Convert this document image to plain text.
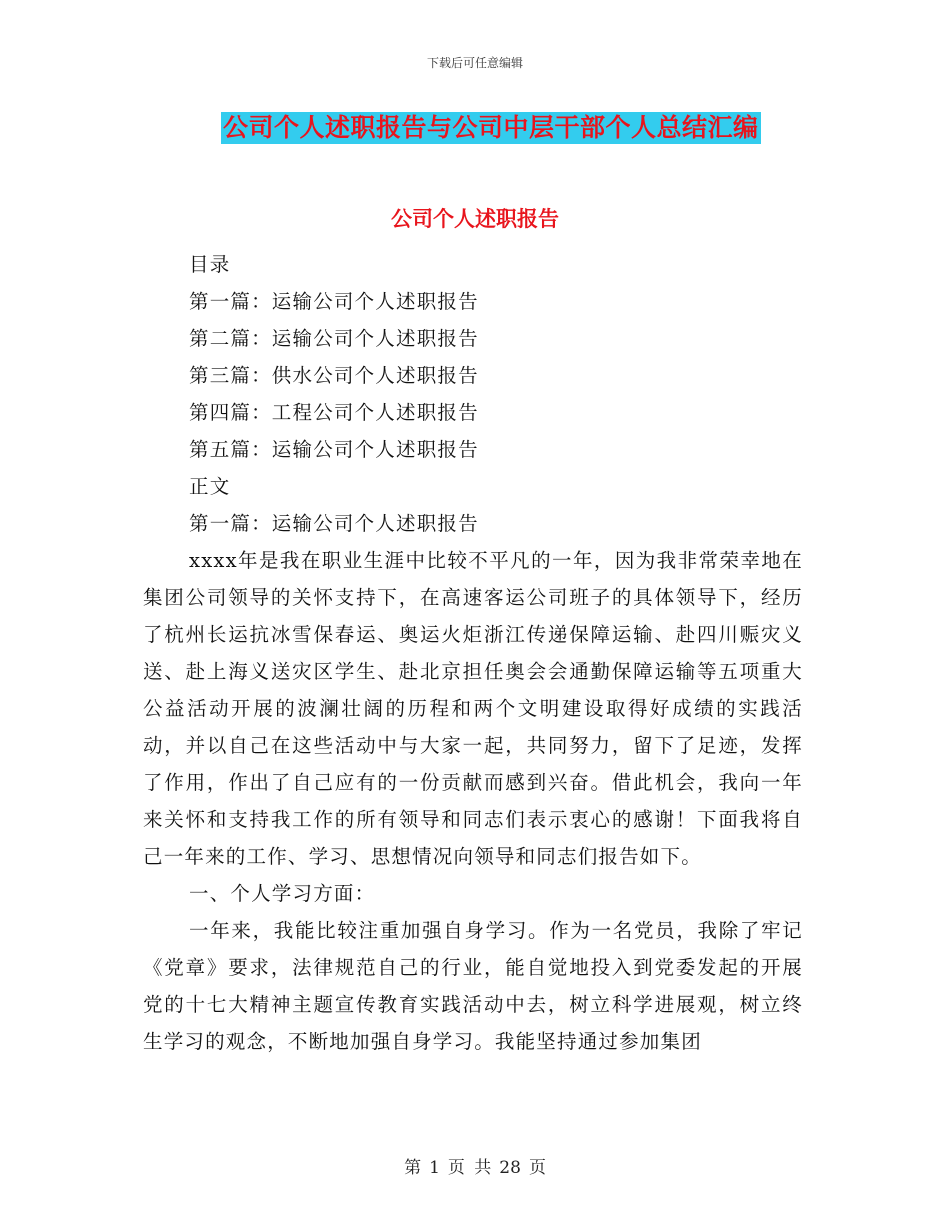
下载后可任意编辑
公司个人述职报告与公司中层干部个人总结汇编
公司个人述职报告

目录

第一篇：运输公司个人述职报告

第二篇：运输公司个人述职报告

第三篇：供水公司个人述职报告

第四篇：工程公司个人述职报告

第五篇：运输公司个人述职报告

正文

第一篇：运输公司个人述职报告

xxxx年是我在职业生涯中比较不平凡的一年，因为我非常荣幸地在集团公司领导的关怀支持下，在高速客运公司班子的具体领导下，经历了杭州长运抗冰雪保春运、奥运火炬浙江传递保障运输、赴四川赈灾义送、赴上海义送灾区学生、赴北京担任奥会会通勤保障运输等五项重大公益活动开展的波澜壮阔的历程和两个文明建设取得好成绩的实践活动，并以自己在这些活动中与大家一起，共同努力，留下了足迹，发挥了作用，作出了自己应有的一份贡献而感到兴奋。借此机会，我向一年来关怀和支持我工作的所有领导和同志们表示衷心的感谢！下面我将自己一年来的工作、学习、思想情况向领导和同志们报告如下。

一、个人学习方面：

一年来，我能比较注重加强自身学习。作为一名党员，我除了牢记《党章》要求，法律规范自己的行业，能自觉地投入到党委发起的开展党的十七大精神主题宣传教育实践活动中去，树立科学进展观，树立终生学习的观念，不断地加强自身学习。我能坚持通过参加集团

第 1 页 共 28 页
